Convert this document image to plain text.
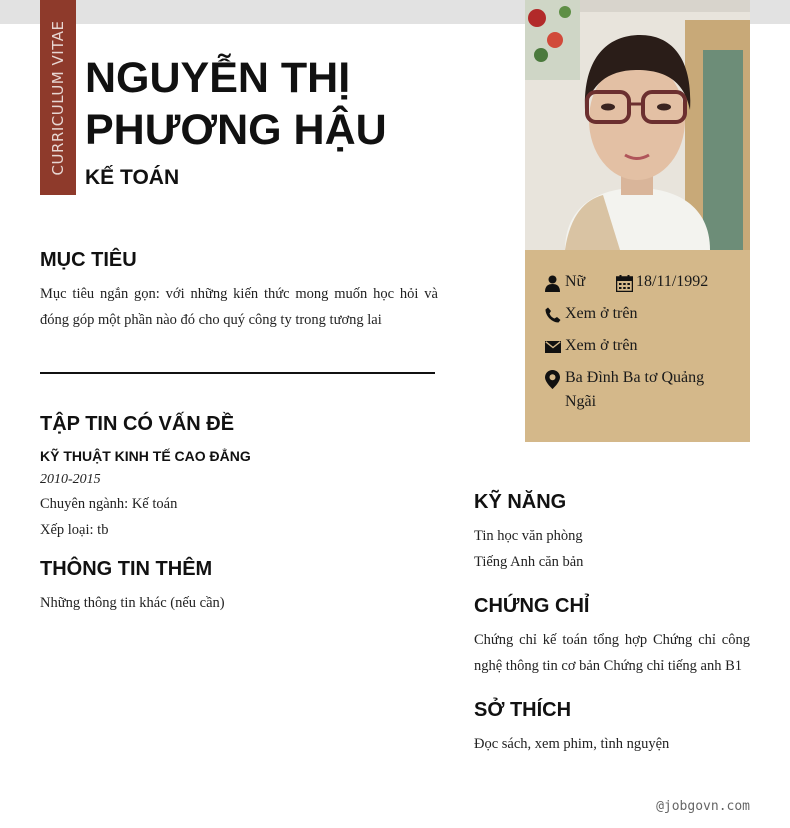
CURRICULUM VITAE NGUYỄN THỊ
PHƯƠNG HẬU
KẾ TOÁN
MỤC TIÊU

Mục tiêu ngắn gọn: với những kiến thức mong muốn học hỏi và đóng góp một phần nào đó cho quý công ty trong tương lai

TẬP TIN CÓ VẤN ĐỀ
KỸ THUẬT KINH TẾ CAO ĐẲNG
2010-2015
Chuyên ngành: Kế toán
Xếp loại: tb
THÔNG TIN THÊM
Những thông tin khác (nếu cần)
Nữ	18/11/1992
Xem ở trên
Xem ở trên
Ba Đình Ba tơ Quảng Ngãi
KỸ NĂNG
Tin học văn phòng
Tiếng Anh căn bản
CHỨNG CHỈ

Chứng chỉ kế toán tổng hợp Chứng chỉ công nghệ thông tin cơ bản Chứng chỉ tiếng anh B1

SỞ THÍCH
Đọc sách, xem phim, tình nguyện
@jobgovn.com
